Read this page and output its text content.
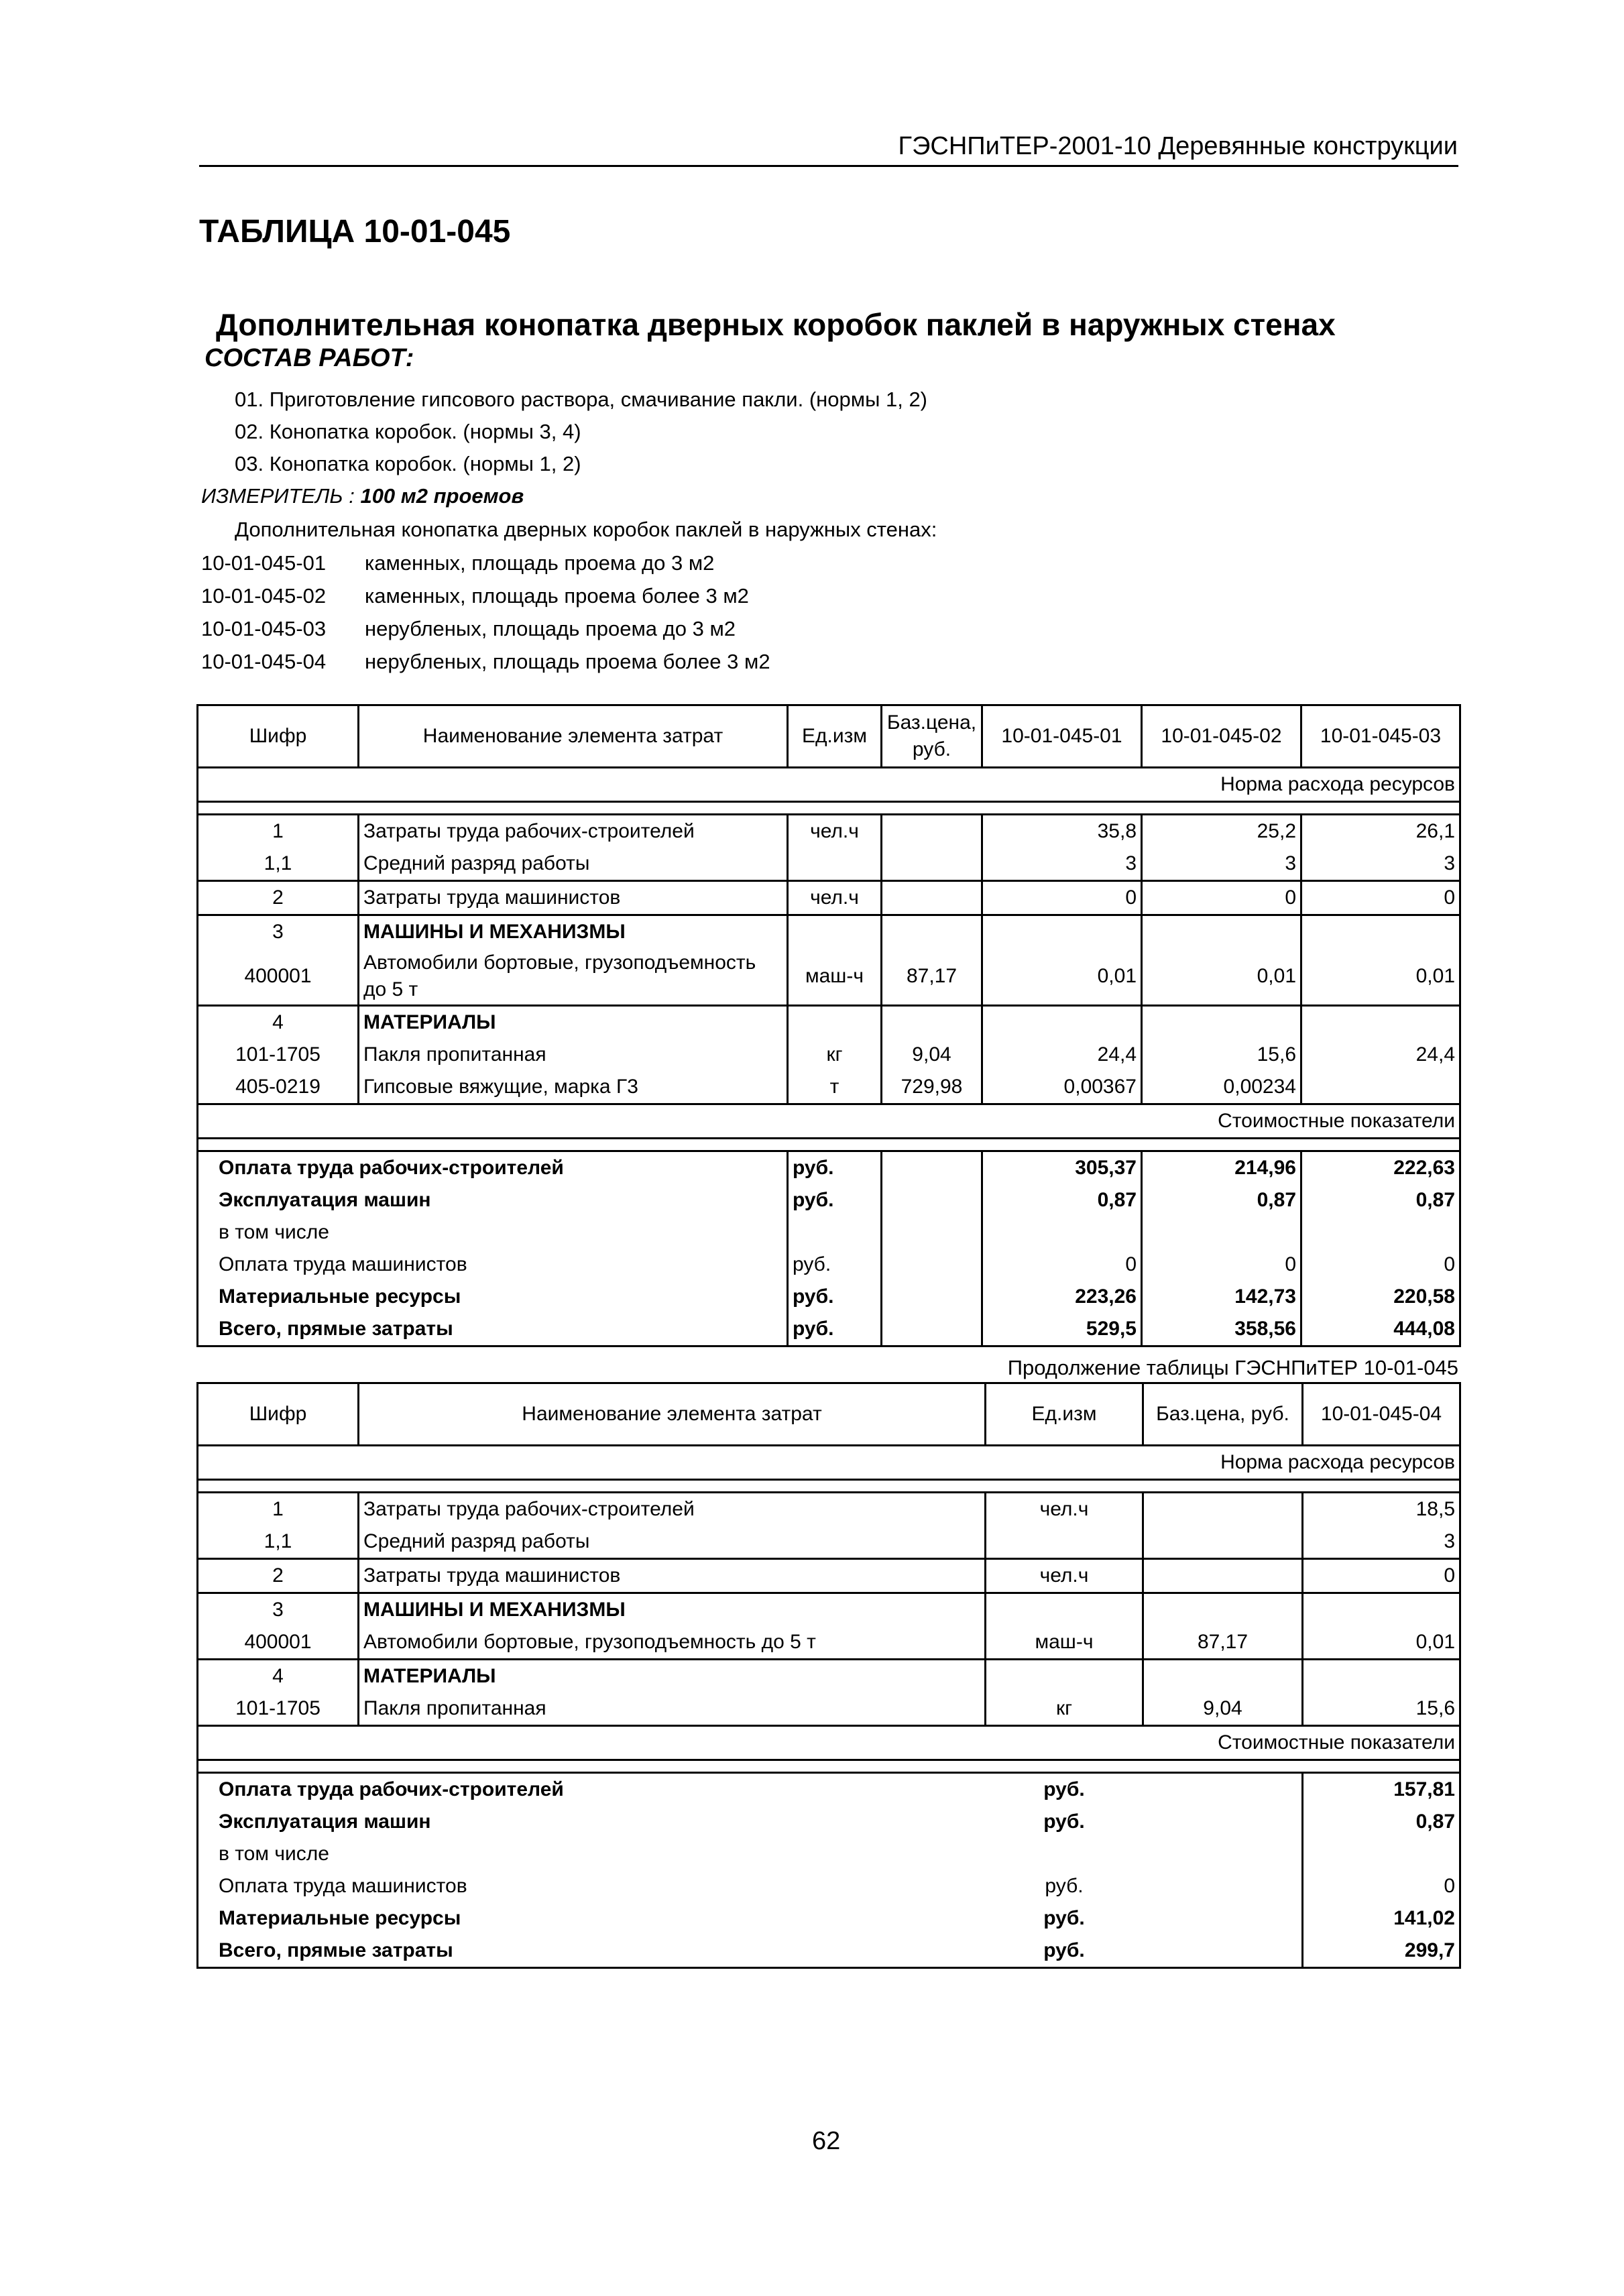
ГЭСНПиТЕР-2001-10 Деревянные конструкции
ТАБЛИЦА 10-01-045
Дополнительная конопатка дверных коробок паклей в наружных стенах
СОСТАВ РАБОТ:
01. Приготовление гипсового раствора, смачивание пакли. (нормы 1, 2)
02. Конопатка коробок. (нормы 3, 4)
03. Конопатка коробок. (нормы 1, 2)
ИЗМЕРИТЕЛЬ : 100 м2 проемов
Дополнительная конопатка дверных коробок паклей в наружных стенах:
10-01-045-01 каменных, площадь проема до 3 м2
10-01-045-02 каменных, площадь проема более 3 м2
10-01-045-03 нерубленых, площадь проема до 3 м2
10-01-045-04 нерубленых, площадь проема более 3 м2
Шифр	Наименование элемента затрат	Ед.изм	Баз.цена, руб.	10-01-045-01	10-01-045-02	10-01-045-03
Норма расхода ресурсов						

1	Затраты труда рабочих-строителей	чел.ч		35,8	25,2	26,1
1,1	Средний разряд работы			3	3	3
2	Затраты труда машинистов	чел.ч		0	0	0
3	МАШИНЫ И МЕХАНИЗМЫ					
400001	Автомобили бортовые, грузоподъемность до 5 т	маш-ч	87,17	0,01	0,01	0,01
4	МАТЕРИАЛЫ					
101-1705	Пакля пропитанная	кг	9,04	24,4	15,6	24,4
405-0219	Гипсовые вяжущие, марка Г3	т	729,98	0,00367	0,00234	
Стоимостные показатели						

Оплата труда рабочих-строителей		руб.		305,37	214,96	222,63
Эксплуатация машин		руб.		0,87	0,87	0,87
в том числе						
Оплата труда машинистов		руб.		0	0	0
Материальные ресурсы		руб.		223,26	142,73	220,58
Всего, прямые затраты		руб.		529,5	358,56	444,08
Продолжение таблицы ГЭСНПиТЕР 10-01-045
Шифр	Наименование элемента затрат	Ед.изм	Баз.цена, руб.	10-01-045-04
Норма расхода ресурсов				

1	Затраты труда рабочих-строителей	чел.ч		18,5
1,1	Средний разряд работы			3
2	Затраты труда машинистов	чел.ч		0
3	МАШИНЫ И МЕХАНИЗМЫ			
400001	Автомобили бортовые, грузоподъемность до 5 т	маш-ч	87,17	0,01
4	МАТЕРИАЛЫ			
101-1705	Пакля пропитанная	кг	9,04	15,6
Стоимостные показатели				

Оплата труда рабочих-строителей		руб.		157,81
Эксплуатация машин		руб.		0,87
в том числе				
Оплата труда машинистов		руб.		0
Материальные ресурсы		руб.		141,02
Всего, прямые затраты		руб.		299,7
62
